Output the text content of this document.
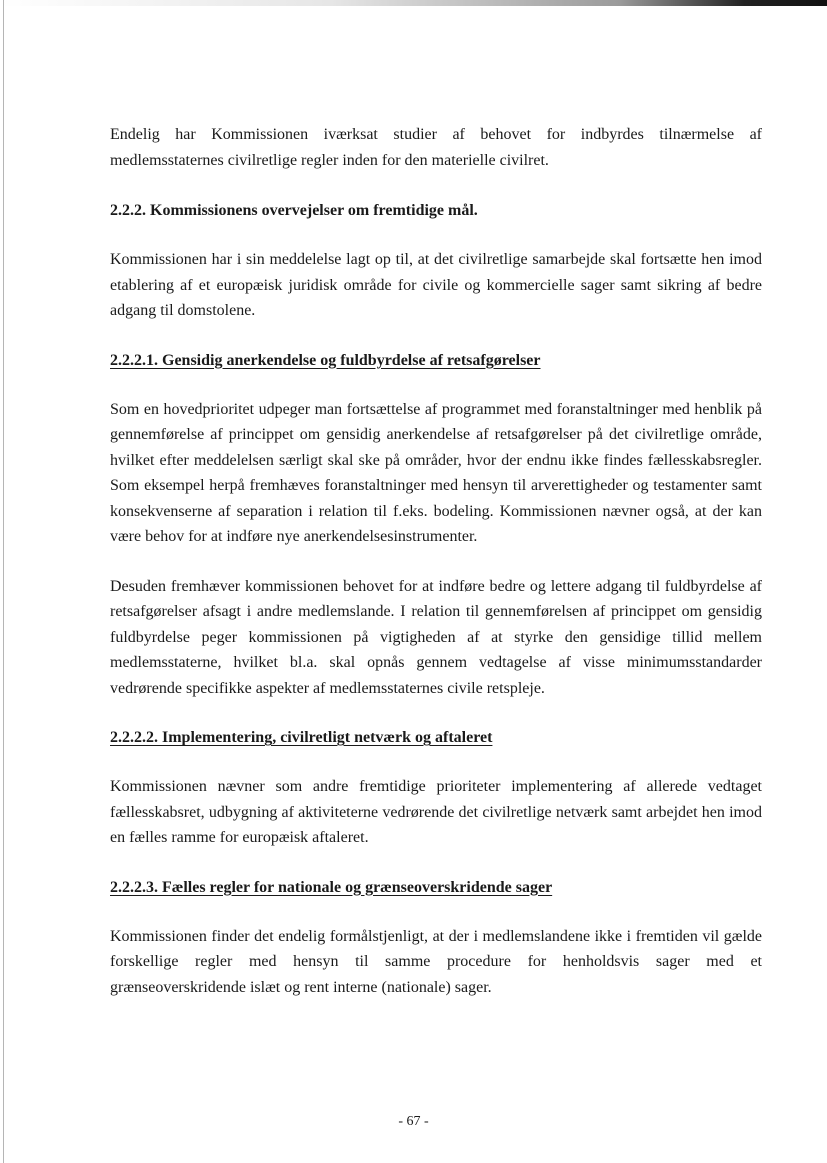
Endelig har Kommissionen iværksat studier af behovet for indbyrdes tilnærmelse af medlemsstaternes civilretlige regler inden for den materielle civilret.

2.2.2. Kommissionens overvejelser om fremtidige mål.

Kommissionen har i sin meddelelse lagt op til, at det civilretlige samarbejde skal fortsætte hen imod etablering af et europæisk juridisk område for civile og kommercielle sager samt sikring af bedre adgang til domstolene.

2.2.2.1. Gensidig anerkendelse og fuldbyrdelse af retsafgørelser

Som en hovedprioritet udpeger man fortsættelse af programmet med foranstaltninger med henblik på gennemførelse af princippet om gensidig anerkendelse af retsafgørelser på det civilretlige område, hvilket efter meddelelsen særligt skal ske på områder, hvor der endnu ikke findes fællesskabsregler. Som eksempel herpå fremhæves foranstaltninger med hensyn til arverettigheder og testamenter samt konsekvenserne af separation i relation til f.eks. bodeling. Kommissionen nævner også, at der kan være behov for at indføre nye anerkendelsesinstrumenter.

Desuden fremhæver kommissionen behovet for at indføre bedre og lettere adgang til fuldbyrdelse af retsafgørelser afsagt i andre medlemslande. I relation til gennemførelsen af princippet om gensidig fuldbyrdelse peger kommissionen på vigtigheden af at styrke den gensidige tillid mellem medlemsstaterne, hvilket bl.a. skal opnås gennem vedtagelse af visse minimumsstandarder vedrørende specifikke aspekter af medlemsstaternes civile retspleje.

2.2.2.2. Implementering, civilretligt netværk og aftaleret

Kommissionen nævner som andre fremtidige prioriteter implementering af allerede vedtaget fællesskabsret, udbygning af aktiviteterne vedrørende det civilretlige netværk samt arbejdet hen imod en fælles ramme for europæisk aftaleret.

2.2.2.3. Fælles regler for nationale og grænseoverskridende sager

Kommissionen finder det endelig formålstjenligt, at der i medlemslandene ikke i fremtiden vil gælde forskellige regler med hensyn til samme procedure for henholdsvis sager med et grænseoverskridende islæt og rent interne (nationale) sager.

- 67 -
